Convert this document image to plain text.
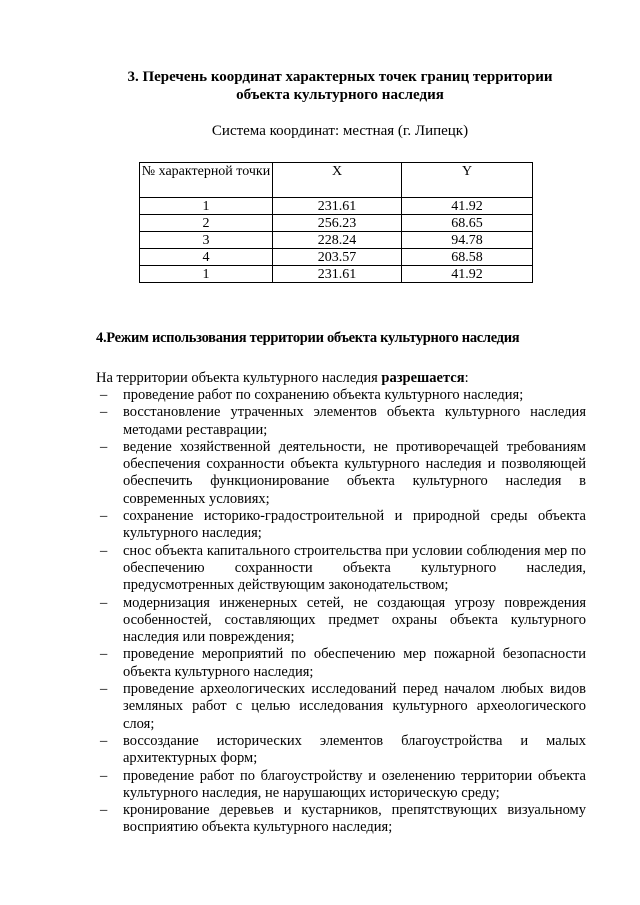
3. Перечень координат характерных точек границ территории
объекта культурного наследия
Система координат: местная (г. Липецк)
№ характерной точки	X	Y
1	231.61	41.92
2	256.23	68.65
3	228.24	94.78
4	203.57	68.58
1	231.61	41.92
4.Режим использования территории объекта культурного наследия
На территории объекта культурного наследия разрешается:
– проведение работ по сохранению объекта культурного наследия;
– восстановление утраченных элементов объекта культурного наследия методами реставрации;
– ведение хозяйственной деятельности, не противоречащей требованиям обеспечения сохранности объекта культурного наследия и позволяющей обеспечить функционирование объекта культурного наследия в современных условиях;
– сохранение историко-градостроительной и природной среды объекта культурного наследия;
– снос объекта капитального строительства при условии соблюдения мер по обеспечению сохранности объекта культурного наследия, предусмотренных действующим законодательством;
– модернизация инженерных сетей, не создающая угрозу повреждения особенностей, составляющих предмет охраны объекта культурного наследия или повреждения;
– проведение мероприятий по обеспечению мер пожарной безопасности объекта культурного наследия;
– проведение археологических исследований перед началом любых видов земляных работ с целью исследования культурного археологического слоя;
– воссоздание исторических элементов благоустройства и малых архитектурных форм;
– проведение работ по благоустройству и озеленению территории объекта культурного наследия, не нарушающих историческую среду;
– кронирование деревьев и кустарников, препятствующих визуальному восприятию объекта культурного наследия;
